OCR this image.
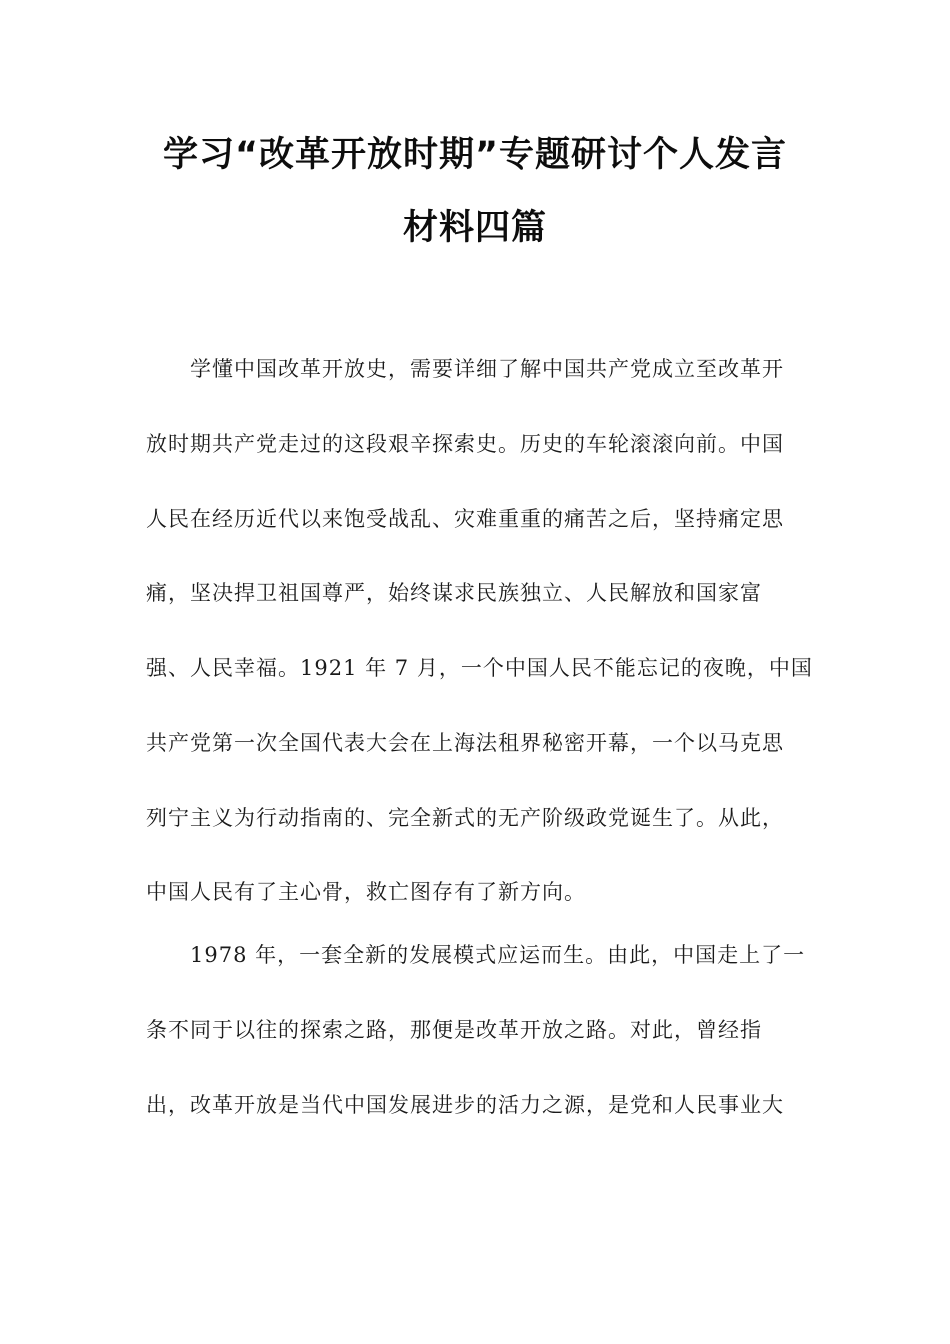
学习“改革开放时期”专题研讨个人发言
材料四篇
　　学懂中国改革开放史，需要详细了解中国共产党成立至改革开
放时期共产党走过的这段艰辛探索史。历史的车轮滚滚向前。中国
人民在经历近代以来饱受战乱、灾难重重的痛苦之后，坚持痛定思
痛，坚决捍卫祖国尊严，始终谋求民族独立、人民解放和国家富
强、人民幸福。1921 年 7 月，一个中国人民不能忘记的夜晚，中国
共产党第一次全国代表大会在上海法租界秘密开幕，一个以马克思
列宁主义为行动指南的、完全新式的无产阶级政党诞生了。从此，
中国人民有了主心骨，救亡图存有了新方向。
　　1978 年，一套全新的发展模式应运而生。由此，中国走上了一
条不同于以往的探索之路，那便是改革开放之路。对此，曾经指
出，改革开放是当代中国发展进步的活力之源，是党和人民事业大
